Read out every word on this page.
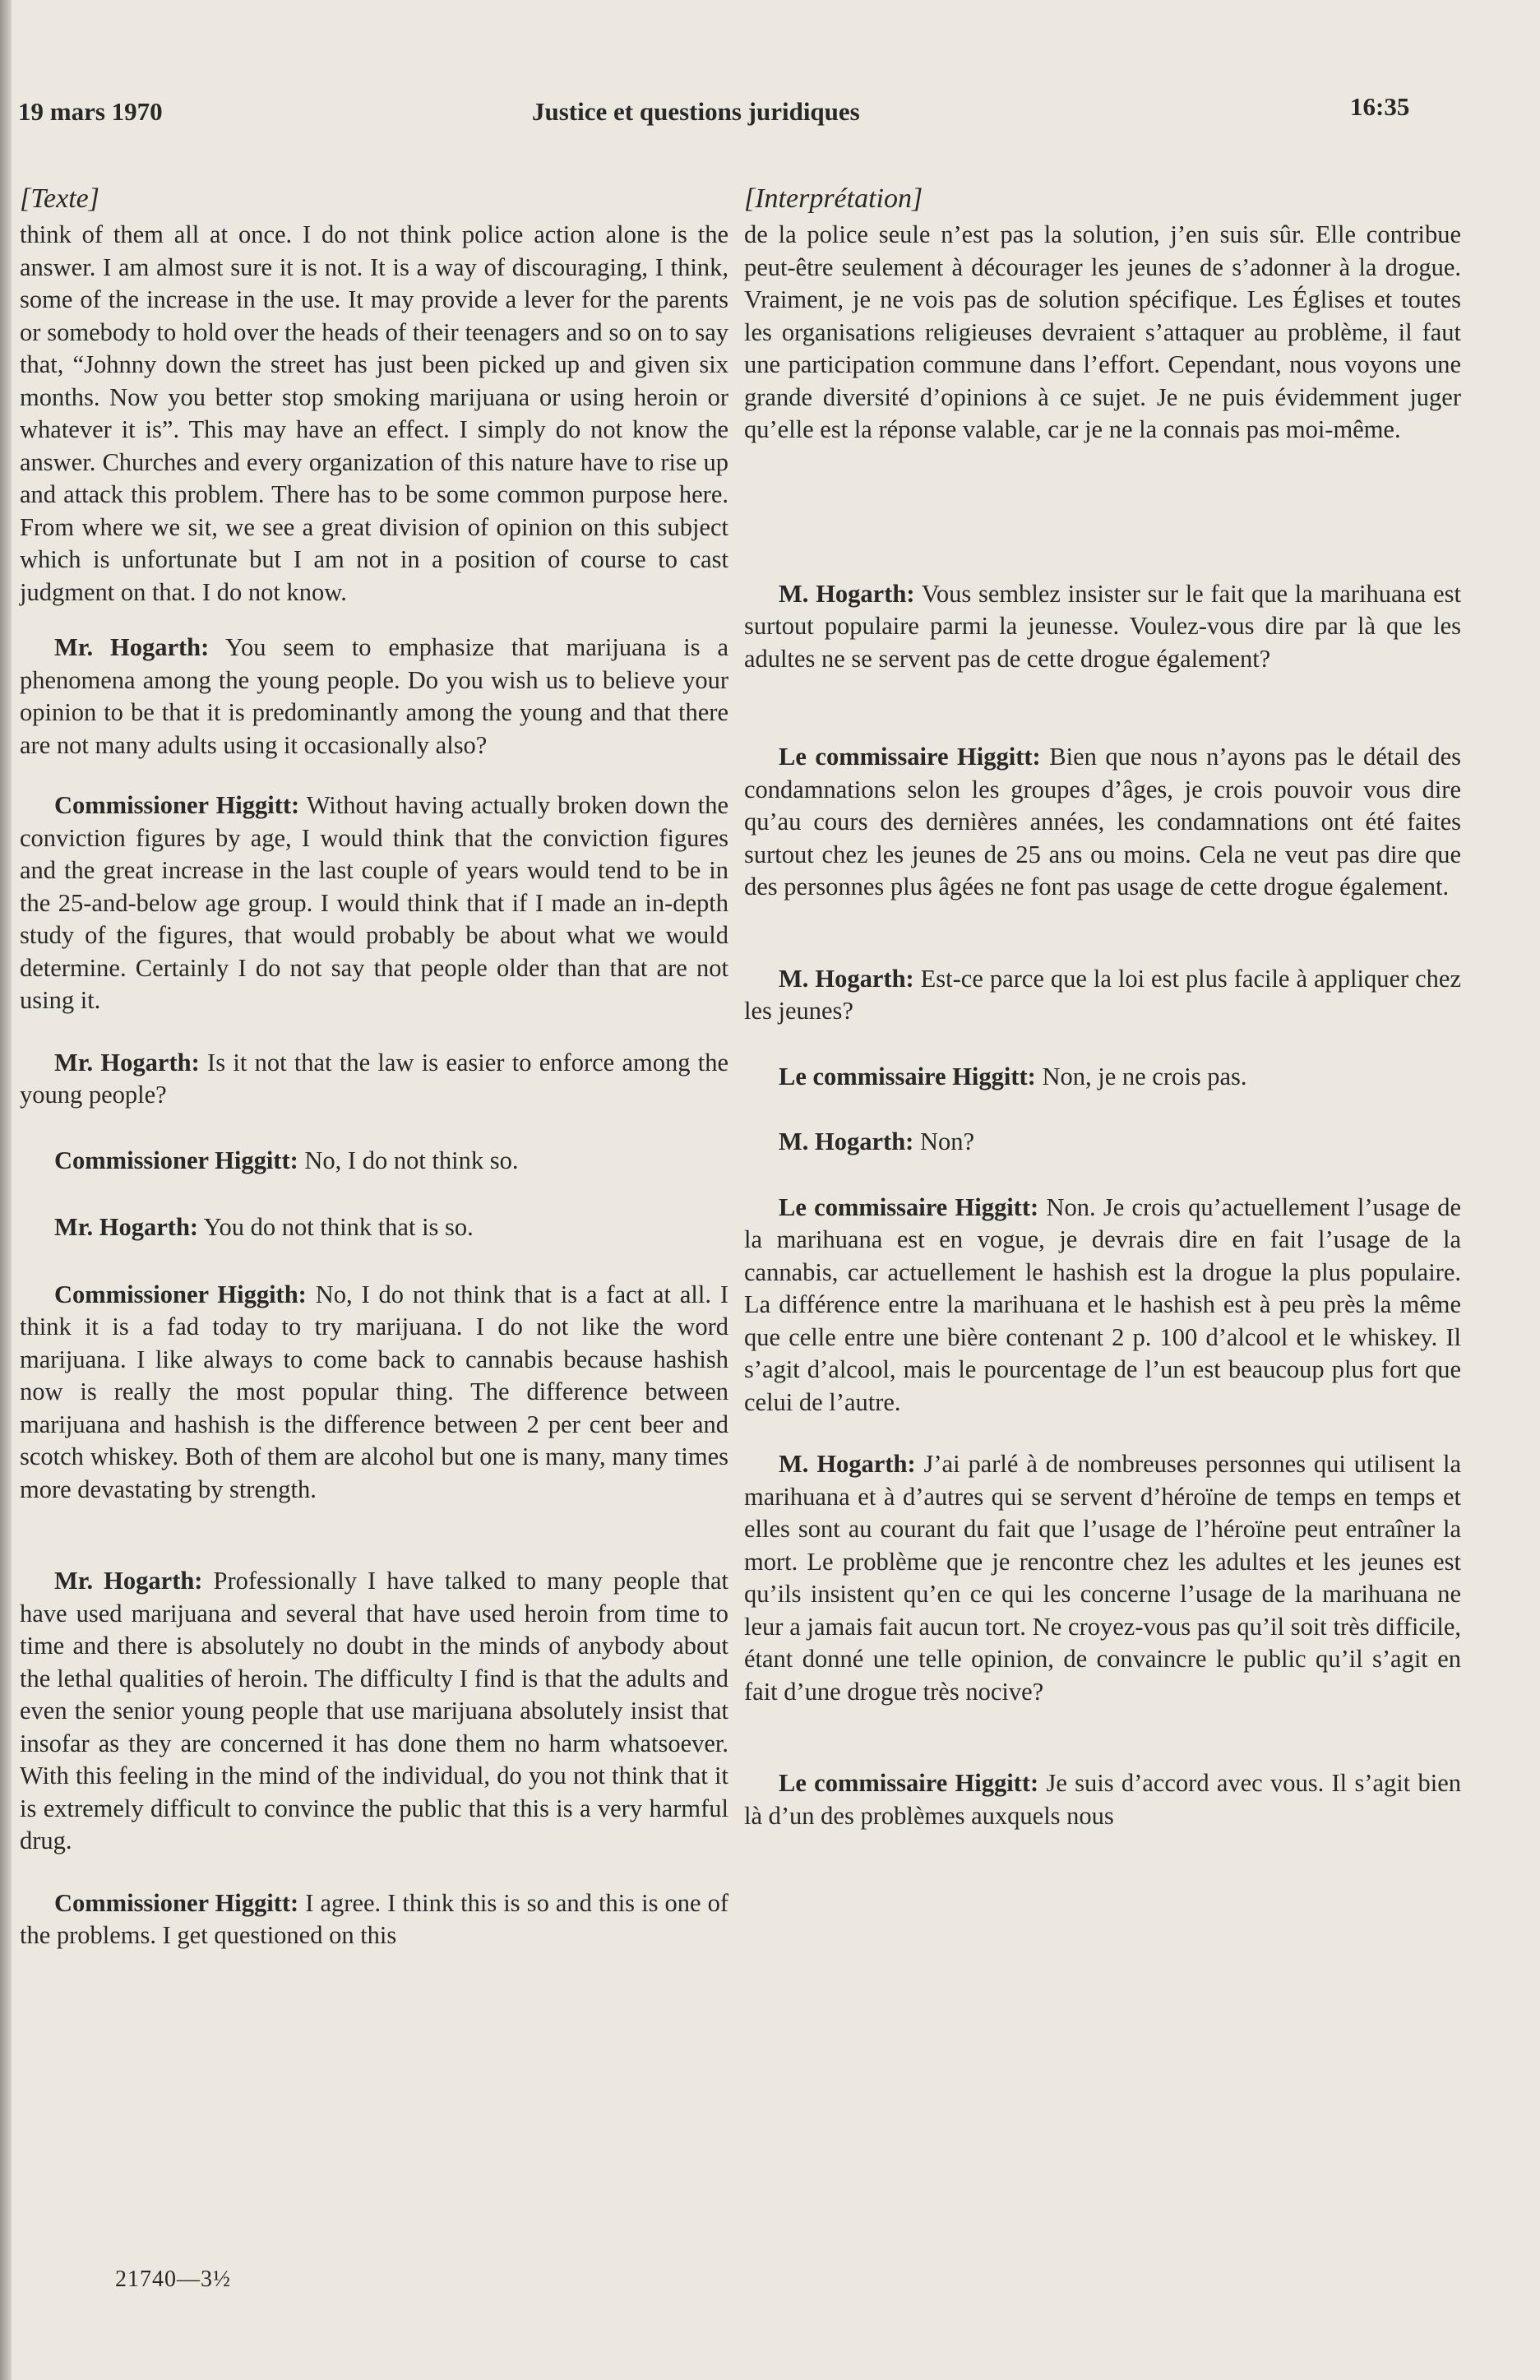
19 mars 1970	Justice et questions juridiques	16:35
[Texte]

think of them all at once. I do not think police action alone is the answer. I am almost sure it is not. It is a way of discouraging, I think, some of the increase in the use. It may provide a lever for the parents or somebody to hold over the heads of their teenagers and so on to say that, “Johnny down the street has just been picked up and given six months. Now you better stop smoking marijuana or using heroin or whatever it is”. This may have an effect. I simply do not know the answer. Churches and every organization of this nature have to rise up and attack this problem. There has to be some common purpose here. From where we sit, we see a great division of opinion on this subject which is unfortunate but I am not in a position of course to cast judgment on that. I do not know.

Mr. Hogarth: You seem to emphasize that marijuana is a phenomena among the young people. Do you wish us to believe your opinion to be that it is predominantly among the young and that there are not many adults using it occasionally also?

Commissioner Higgitt: Without having actually broken down the conviction figures by age, I would think that the conviction figures and the great increase in the last couple of years would tend to be in the 25-and-below age group. I would think that if I made an in-depth study of the figures, that would probably be about what we would determine. Certainly I do not say that people older than that are not using it.

Mr. Hogarth: Is it not that the law is easier to enforce among the young people?

Commissioner Higgitt: No, I do not think so.

Mr. Hogarth: You do not think that is so.

Commissioner Higgith: No, I do not think that is a fact at all. I think it is a fad today to try marijuana. I do not like the word marijuana. I like always to come back to cannabis because hashish now is really the most popular thing. The difference between marijuana and hashish is the difference between 2 per cent beer and scotch whiskey. Both of them are alcohol but one is many, many times more devastating by strength.

Mr. Hogarth: Professionally I have talked to many people that have used marijuana and several that have used heroin from time to time and there is absolutely no doubt in the minds of anybody about the lethal qualities of heroin. The difficulty I find is that the adults and even the senior young people that use marijuana absolutely insist that insofar as they are concerned it has done them no harm whatsoever. With this feeling in the mind of the individual, do you not think that it is extremely difficult to convince the public that this is a very harmful drug.

Commissioner Higgitt: I agree. I think this is so and this is one of the problems. I get questioned on this

[Interprétation]

de la police seule n’est pas la solution, j’en suis sûr. Elle contribue peut-être seulement à décourager les jeunes de s’adonner à la drogue. Vraiment, je ne vois pas de solution spécifique. Les Églises et toutes les organisations religieuses devraient s’attaquer au problème, il faut une participation commune dans l’effort. Cependant, nous voyons une grande diversité d’opinions à ce sujet. Je ne puis évidemment juger qu’elle est la réponse valable, car je ne la connais pas moi-même.

M. Hogarth: Vous semblez insister sur le fait que la marihuana est surtout populaire parmi la jeunesse. Voulez-vous dire par là que les adultes ne se servent pas de cette drogue également?

Le commissaire Higgitt: Bien que nous n’ayons pas le détail des condamnations selon les groupes d’âges, je crois pouvoir vous dire qu’au cours des dernières années, les condamnations ont été faites surtout chez les jeunes de 25 ans ou moins. Cela ne veut pas dire que des personnes plus âgées ne font pas usage de cette drogue également.

M. Hogarth: Est-ce parce que la loi est plus facile à appliquer chez les jeunes?

Le commissaire Higgitt: Non, je ne crois pas.

M. Hogarth: Non?

Le commissaire Higgitt: Non. Je crois qu’actuellement l’usage de la marihuana est en vogue, je devrais dire en fait l’usage de la cannabis, car actuellement le hashish est la drogue la plus populaire. La différence entre la marihuana et le hashish est à peu près la même que celle entre une bière contenant 2 p. 100 d’alcool et le whiskey. Il s’agit d’alcool, mais le pourcentage de l’un est beaucoup plus fort que celui de l’autre.

M. Hogarth: J’ai parlé à de nombreuses personnes qui utilisent la marihuana et à d’autres qui se servent d’héroïne de temps en temps et elles sont au courant du fait que l’usage de l’héroïne peut entraîner la mort. Le problème que je rencontre chez les adultes et les jeunes est qu’ils insistent qu’en ce qui les concerne l’usage de la marihuana ne leur a jamais fait aucun tort. Ne croyez-vous pas qu’il soit très difficile, étant donné une telle opinion, de convaincre le public qu’il s’agit en fait d’une drogue très nocive?

Le commissaire Higgitt: Je suis d’accord avec vous. Il s’agit bien là d’un des problèmes auxquels nous

21740—3½
